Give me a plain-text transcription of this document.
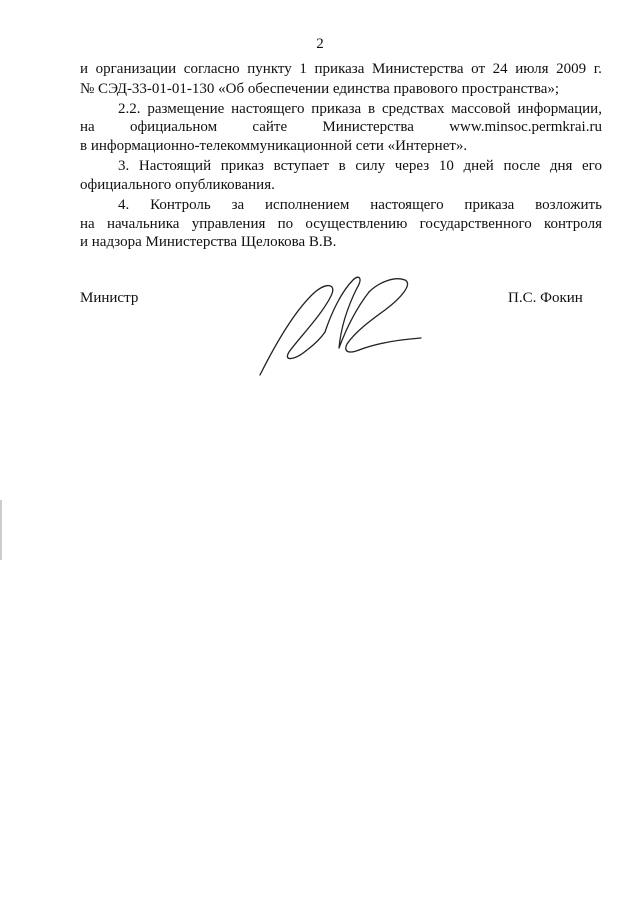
2
и организации согласно пункту 1 приказа Министерства от 24 июля 2009 г.
№ СЭД-33-01-01-130 «Об обеспечении единства правового пространства»;
2.2. размещение настоящего приказа в средствах массовой информации,
на официальном сайте Министерства www.minsoc.permkrai.ru
в информационно-телекоммуникационной сети «Интернет».
3. Настоящий приказ вступает в силу через 10 дней после дня его
официального опубликования.
4. Контроль за исполнением настоящего приказа возложить
на начальника управления по осуществлению государственного контроля
и надзора Министерства Щелокова В.В.
Министр	П.С. Фокин
